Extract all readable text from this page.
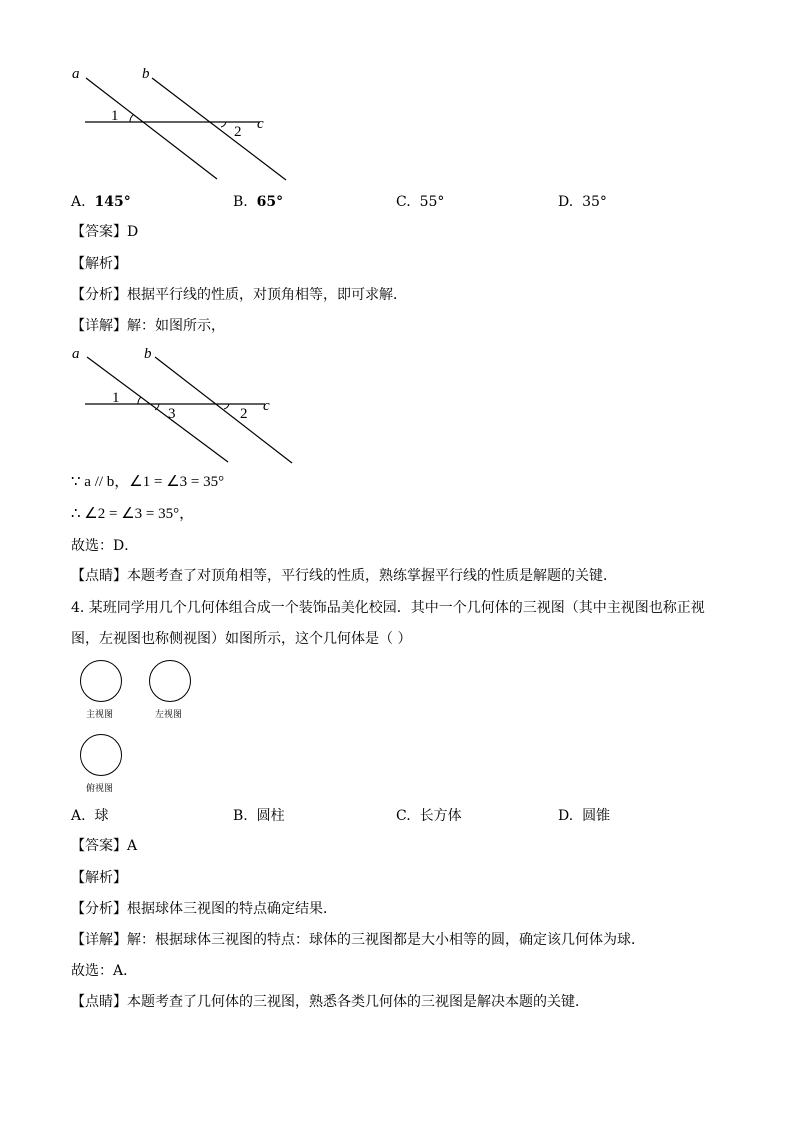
a	b
c
1
2
A. 145°	B. 65°	C. 55°	D. 35°
【答案】D
【解析】
【分析】根据平行线的性质，对顶角相等，即可求解．
【详解】解：如图所示，
a	b
c
1
3	2
∵ a // b，∠1 = ∠3 = 35°
∴ ∠2 = ∠3 = 35°，
故选：D．
【点睛】本题考查了对顶角相等，平行线的性质，熟练掌握平行线的性质是解题的关键．
4. 某班同学用几个几何体组合成一个装饰品美化校园．其中一个几何体的三视图（其中主视图也称正视
图，左视图也称侧视图）如图所示，这个几何体是（ ）
主视图	左视图
俯视图
A. 球	B. 圆柱	C. 长方体	D. 圆锥
【答案】A
【解析】
【分析】根据球体三视图的特点确定结果．
【详解】解：根据球体三视图的特点：球体的三视图都是大小相等的圆，确定该几何体为球．
故选：A．
【点睛】本题考查了几何体的三视图，熟悉各类几何体的三视图是解决本题的关键．
